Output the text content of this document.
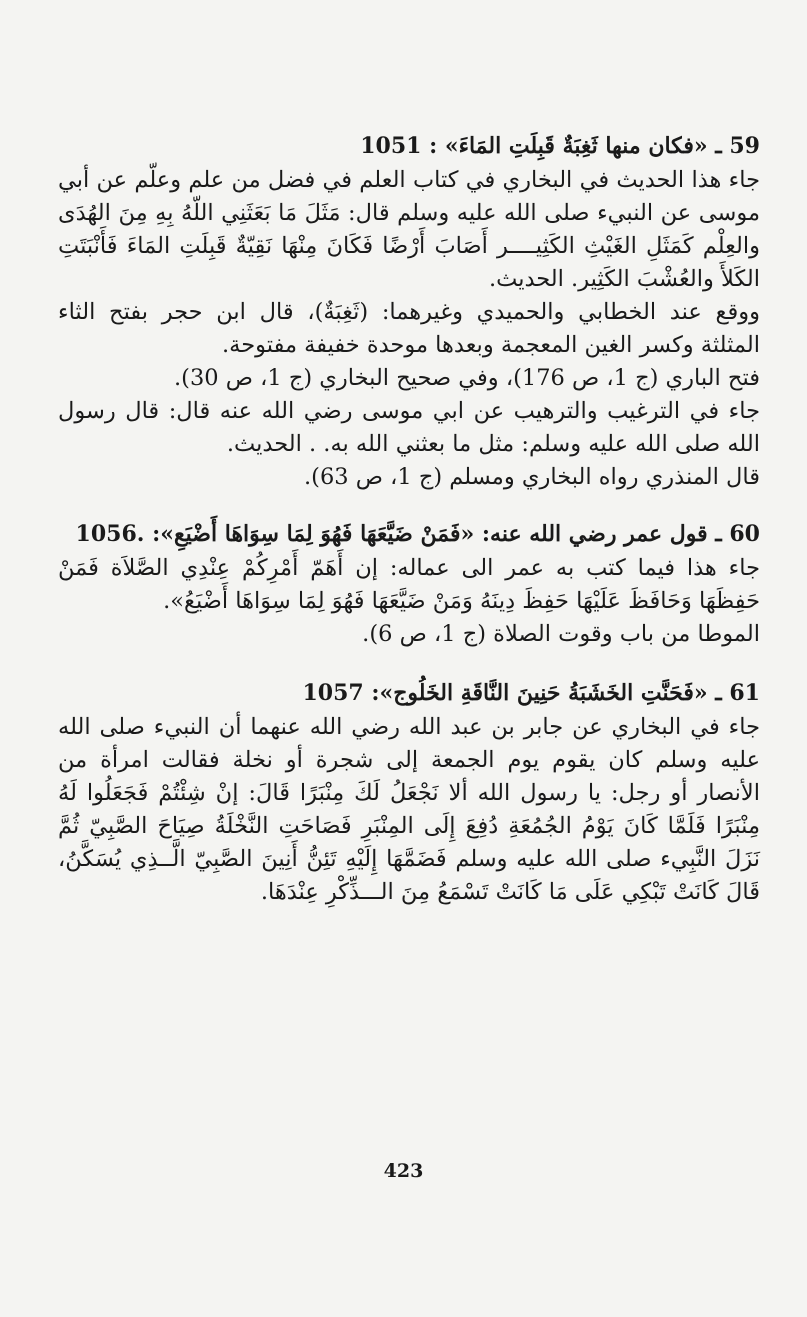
59 ـ «فكان منها ثَغِبَةٌ قَبِلَتِ المَاءَ» : 1051

جاء هذا الحديث في البخاري في كتاب العلم في فضل من علم وعلّم عن أبي موسى عن النبيء صلى الله عليه وسلم قال: مَثَلَ مَا بَعَثَنِي اللّهُ بِهِ مِنَ الهُدَى والعِلْم كَمَثَلِ الغَيْثِ الكَثِيــــر أَصَابَ أَرْضًا فَكَانَ مِنْهَا نَقِيّةٌ قَبِلَتِ المَاءَ فَأَنْبَتَتِ الكَلأَ والعُشْبَ الكَثِير. الحديث.

ووقع عند الخطابي والحميدي وغيرهما: (ثَغِبَةٌ)، قال ابن حجر بفتح الثاء المثلثة وكسر الغين المعجمة وبعدها موحدة خفيفة مفتوحة.

فتح الباري (ج 1، ص 176)، وفي صحيح البخاري (ج 1، ص 30).

جاء في الترغيب والترهيب عن ابي موسى رضي الله عنه قال: قال رسول الله صلى الله عليه وسلم: مثل ما بعثني الله به. . الحديث.

قال المنذري رواه البخاري ومسلم (ج 1، ص 63).

60 ـ قول عمر رضي الله عنه: «فَمَنْ ضَيَّعَهَا فَهُوَ لِمَا سِوَاهَا أَضْيَعِ»: .1056

جاء هذا فيما كتب به عمر الى عماله: إن أَهَمّ أَمْرِكُمْ عِنْدِي الصَّلاَة فَمَنْ حَفِظَهَا وَحَافَظَ عَلَيْهَا حَفِظَ دِينَهُ وَمَنْ ضَيَّعَهَا فَهُوَ لِمَا سِوَاهَا أَضْيَعُ».

الموطا من باب وقوت الصلاة (ج 1، ص 6).

61 ـ «فَحَنَّتِ الخَشَبَةُ حَنِينَ النَّاقَةِ الخَلُوج»: 1057

جاء في البخاري عن جابر بن عبد الله رضي الله عنهما أن النبيء صلى الله عليه وسلم كان يقوم يوم الجمعة إلى شجرة أو نخلة فقالت امرأة من الأنصار أو رجل: يا رسول الله ألا نَجْعَلُ لَكَ مِنْبَرًا قَالَ: إنْ شِئْتُمْ فَجَعَلُوا لَهُ مِنْبَرًا فَلَمَّا كَانَ يَوْمُ الجُمُعَةِ دُفِعَ إِلَى المِنْبَرِ فَصَاحَتِ النَّخْلَةُ صِيَاحَ الصَّبِيّ ثُمَّ نَزَلَ النَّبِيء صلى الله عليه وسلم فَضَمَّهَا إِلَيْهِ تَئِنُّ أَنِينَ الصَّبِيّ الَّــذِي يُسَكَّنُ، قَالَ كَانَتْ تَبْكِي عَلَى مَا كَانَتْ تَسْمَعُ مِنَ الـــذِّكْرِ عِنْدَهَا.

423
